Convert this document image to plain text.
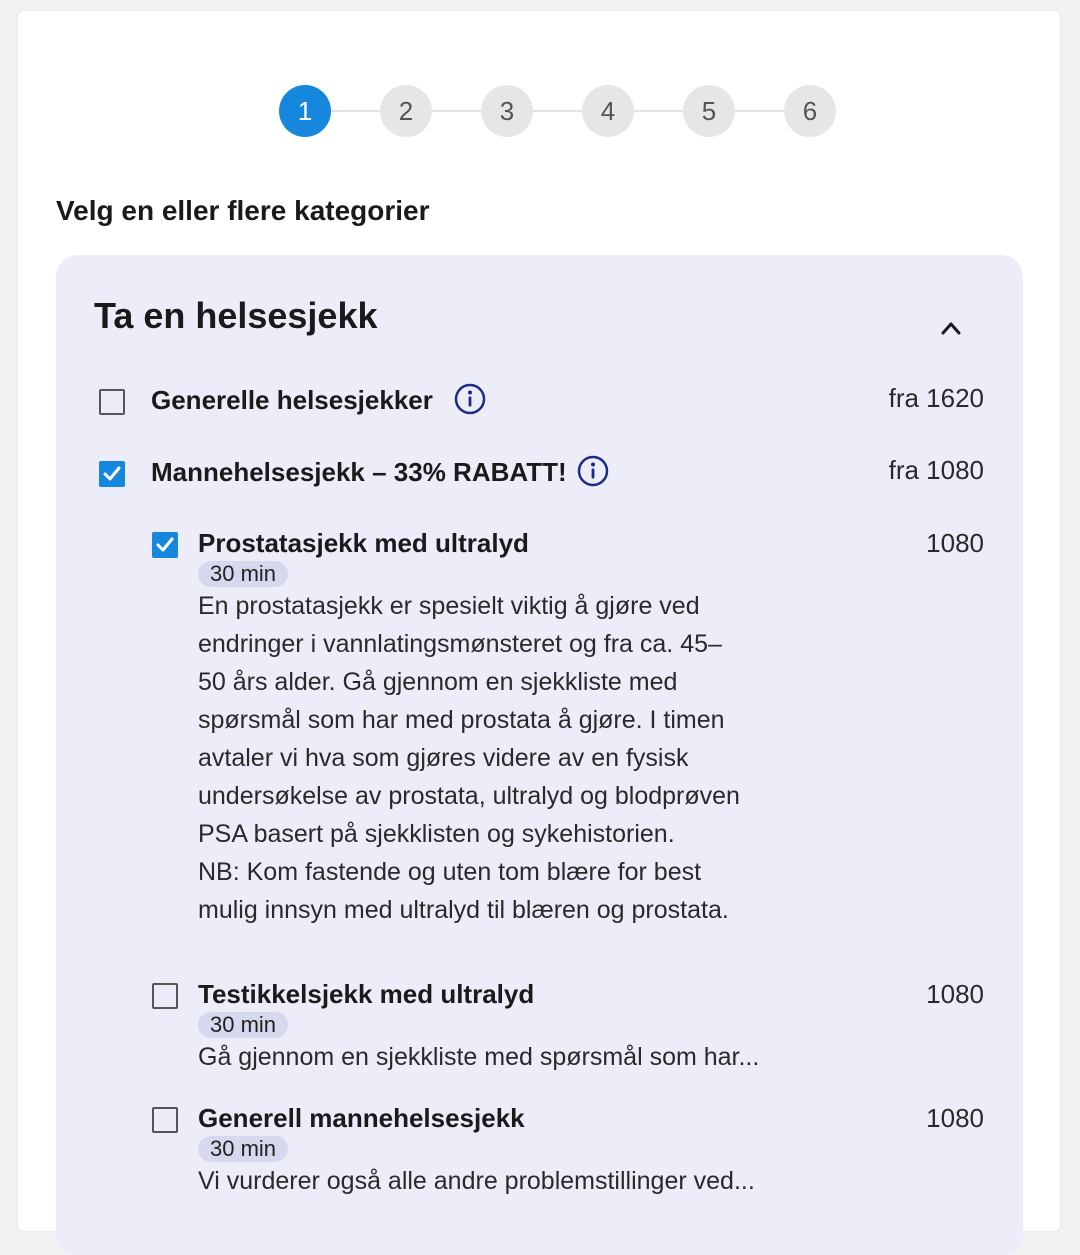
1	2	3	4	5	6
Velg en eller flere kategorier
Ta en helsesjekk
Generelle helsesjekker	fra 1620
Mannehelsesjekk – 33% RABATT!	fra 1080
Prostatasjekk med ultralyd	1080
30 min
En prostatasjekk er spesielt viktig å gjøre ved
endringer i vannlatingsmønsteret og fra ca. 45–
50 års alder. Gå gjennom en sjekkliste med
spørsmål som har med prostata å gjøre. I timen
avtaler vi hva som gjøres videre av en fysisk
undersøkelse av prostata, ultralyd og blodprøven
PSA basert på sjekklisten og sykehistorien.
NB: Kom fastende og uten tom blære for best
mulig innsyn med ultralyd til blæren og prostata.
Testikkelsjekk med ultralyd	1080
30 min
Gå gjennom en sjekkliste med spørsmål som har...
Generell mannehelsesjekk	1080
30 min
Vi vurderer også alle andre problemstillinger ved...
